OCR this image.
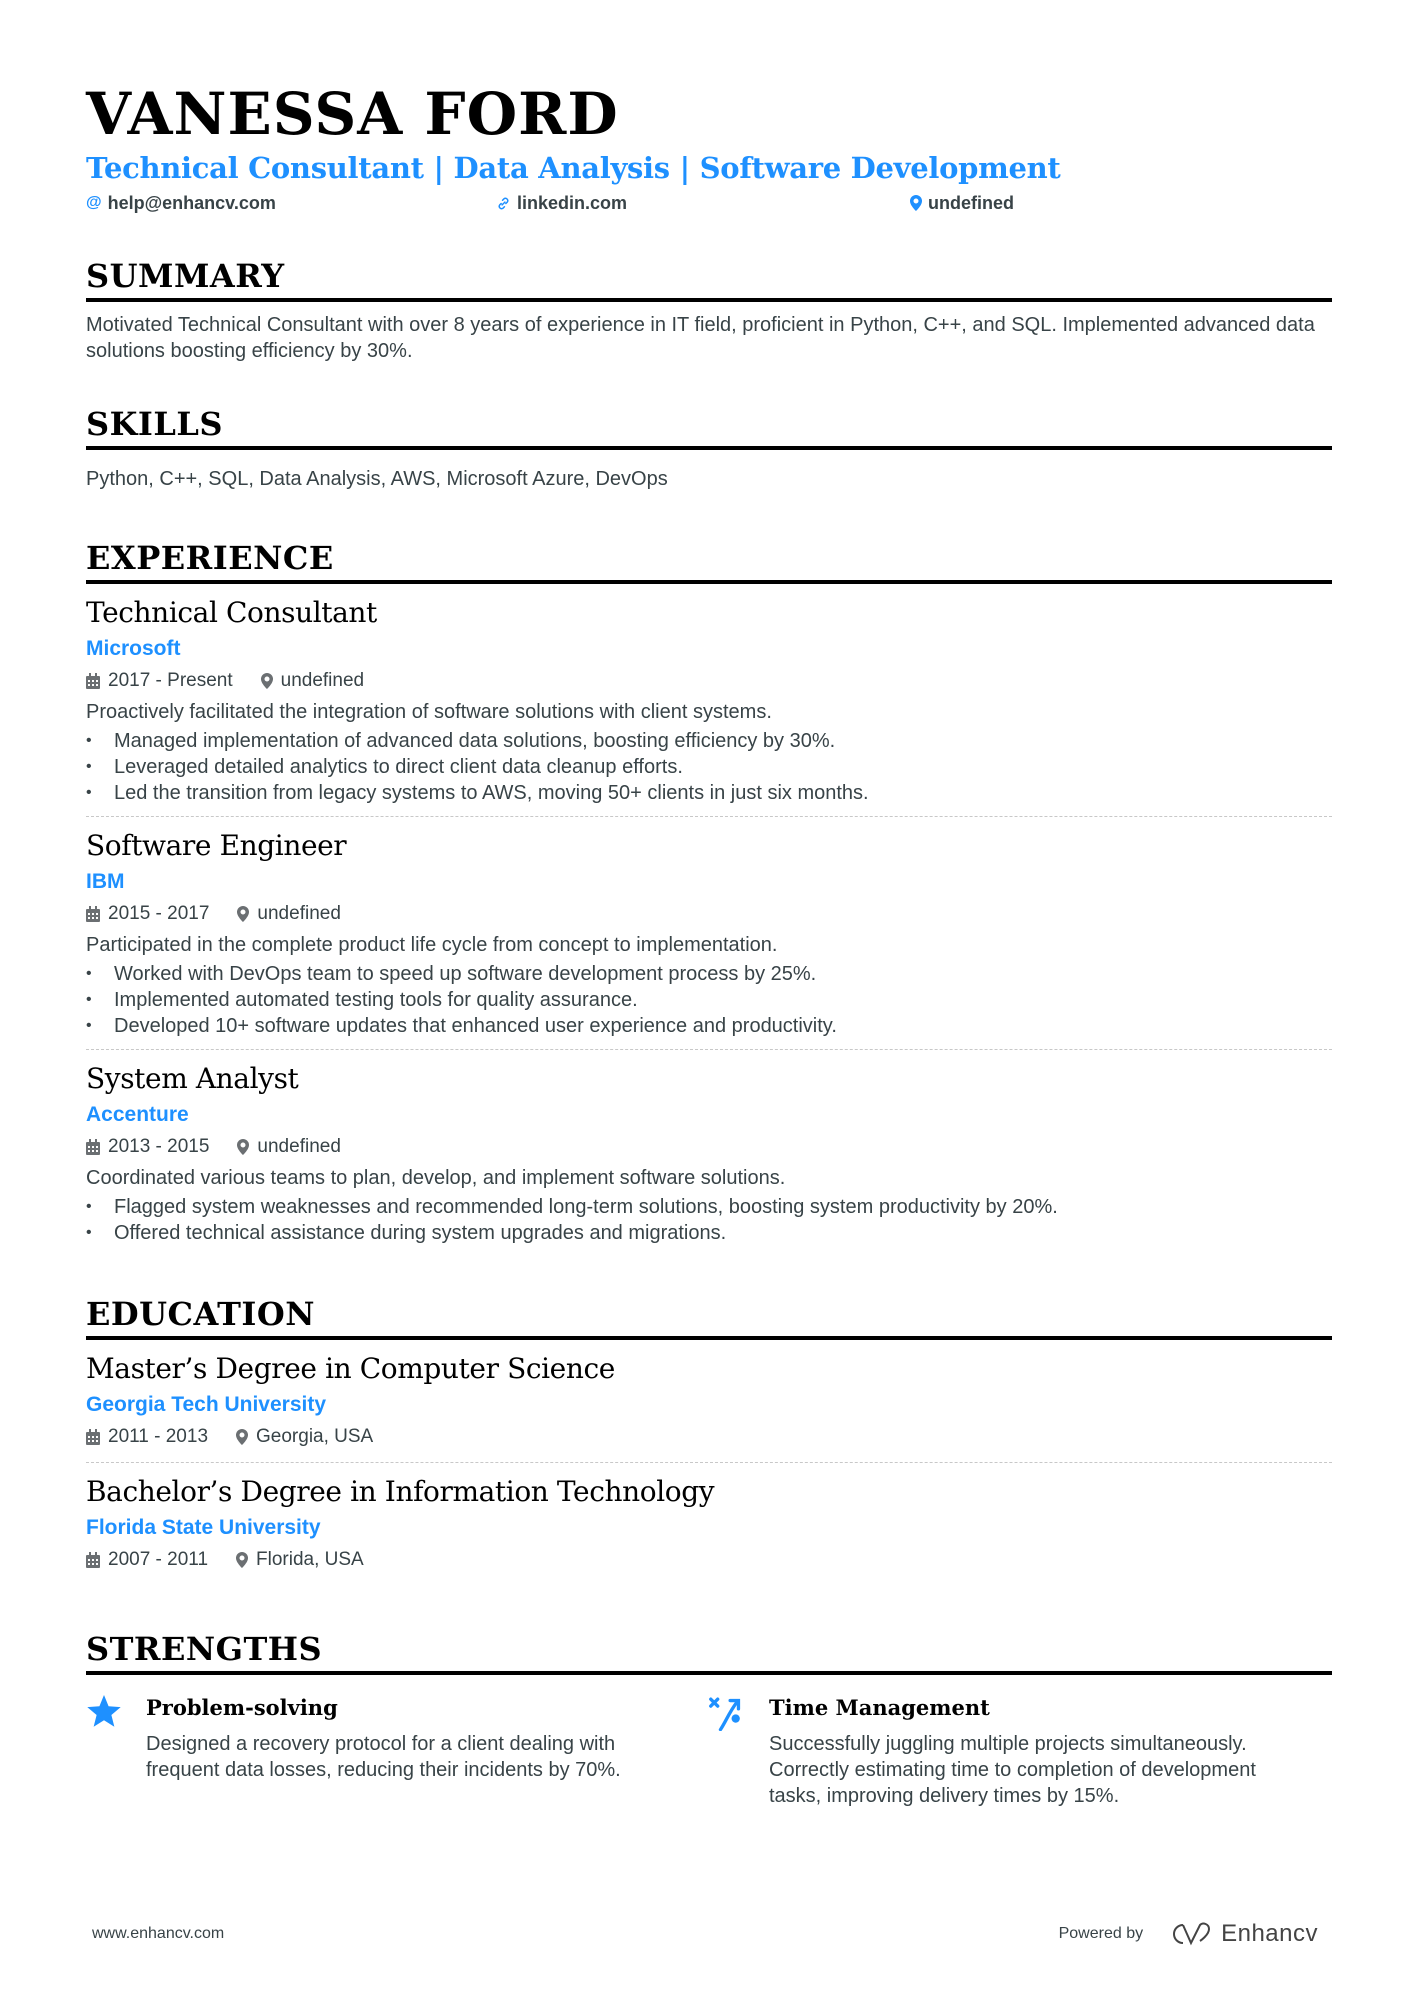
VANESSA FORD
Technical Consultant | Data Analysis | Software Development
@ help@enhancv.com	linkedin.com	undefined
SUMMARY
Motivated Technical Consultant with over 8 years of experience in IT field, proficient in Python, C++, and SQL. Implemented advanced data solutions boosting efficiency by 30%.
SKILLS
Python, C++, SQL, Data Analysis, AWS, Microsoft Azure, DevOps
EXPERIENCE
Technical Consultant
Microsoft
2017 - Present	undefined
Proactively facilitated the integration of software solutions with client systems.
• Managed implementation of advanced data solutions, boosting efficiency by 30%.
• Leveraged detailed analytics to direct client data cleanup efforts.
• Led the transition from legacy systems to AWS, moving 50+ clients in just six months.
Software Engineer
IBM
2015 - 2017	undefined
Participated in the complete product life cycle from concept to implementation.
• Worked with DevOps team to speed up software development process by 25%.
• Implemented automated testing tools for quality assurance.
• Developed 10+ software updates that enhanced user experience and productivity.
System Analyst
Accenture
2013 - 2015	undefined
Coordinated various teams to plan, develop, and implement software solutions.
• Flagged system weaknesses and recommended long-term solutions, boosting system productivity by 20%.
• Offered technical assistance during system upgrades and migrations.
EDUCATION
Master’s Degree in Computer Science
Georgia Tech University
2011 - 2013	Georgia, USA
Bachelor’s Degree in Information Technology
Florida State University
2007 - 2011	Florida, USA
STRENGTHS
Problem-solving
Designed a recovery protocol for a client dealing with frequent data losses, reducing their incidents by 70%.
Time Management
Successfully juggling multiple projects simultaneously. Correctly estimating time to completion of development tasks, improving delivery times by 15%.
www.enhancv.com	Powered by	Enhancv
